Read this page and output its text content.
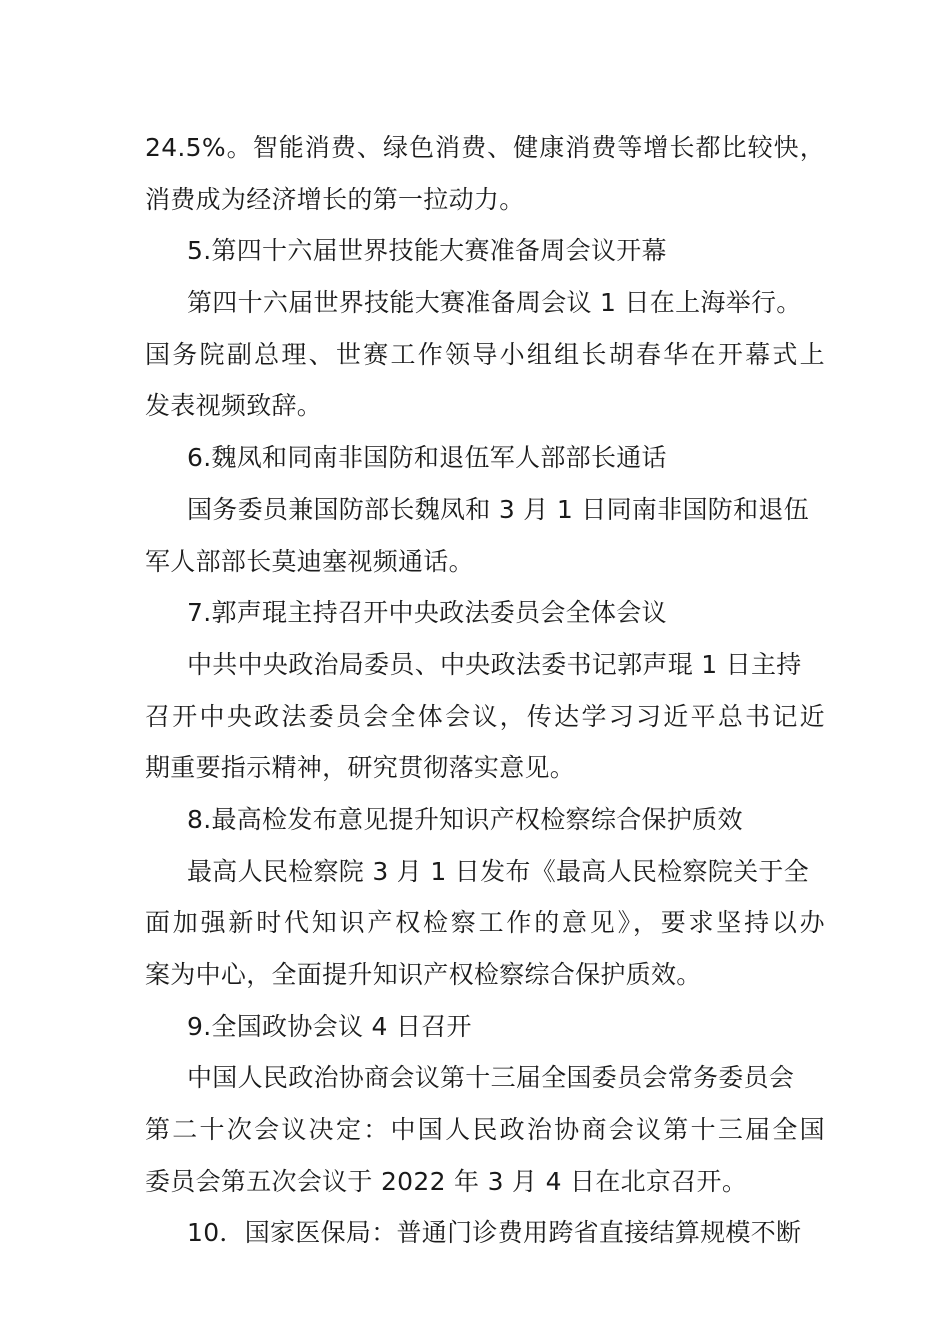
24.5%。智能消费、绿色消费、健康消费等增长都比较快，
消费成为经济增长的第一拉动力。
5.第四十六届世界技能大赛准备周会议开幕
第四十六届世界技能大赛准备周会议 1 日在上海举行。
国务院副总理、世赛工作领导小组组长胡春华在开幕式上
发表视频致辞。
6.魏凤和同南非国防和退伍军人部部长通话
国务委员兼国防部长魏凤和 3 月 1 日同南非国防和退伍
军人部部长莫迪塞视频通话。
7.郭声琨主持召开中央政法委员会全体会议
中共中央政治局委员、中央政法委书记郭声琨 1 日主持
召开中央政法委员会全体会议，传达学习习近平总书记近
期重要指示精神，研究贯彻落实意见。
8.最高检发布意见提升知识产权检察综合保护质效
最高人民检察院 3 月 1 日发布《最高人民检察院关于全
面加强新时代知识产权检察工作的意见》，要求坚持以办
案为中心，全面提升知识产权检察综合保护质效。
9.全国政协会议 4 日召开
中国人民政治协商会议第十三届全国委员会常务委员会
第二十次会议决定：中国人民政治协商会议第十三届全国
委员会第五次会议于 2022 年 3 月 4 日在北京召开。
10．国家医保局：普通门诊费用跨省直接结算规模不断
